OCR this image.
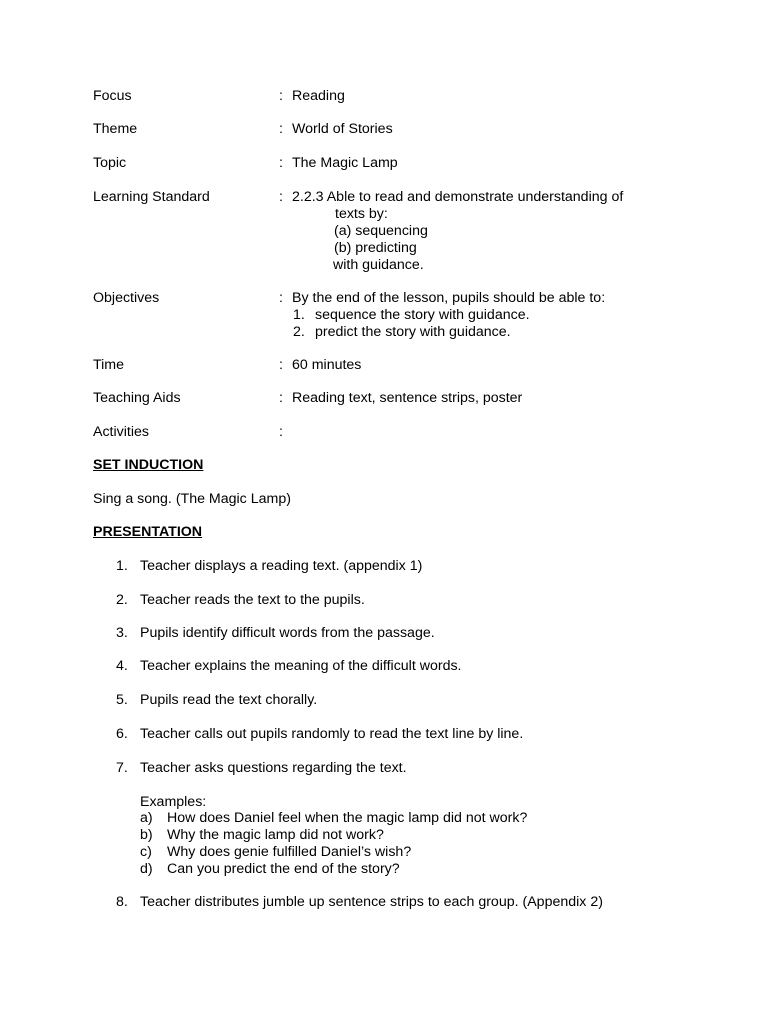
Focus	: Reading
Theme	: World of Stories
Topic	: The Magic Lamp
Learning Standard	: 2.2.3 Able to read and demonstrate understanding of
texts by:
(a) sequencing
(b) predicting
with guidance.
Objectives	: By the end of the lesson, pupils should be able to:
1. sequence the story with guidance.
2. predict the story with guidance.
Time	: 60 minutes
Teaching Aids	: Reading text, sentence strips, poster
Activities	:
SET INDUCTION
Sing a song. (The Magic Lamp)
PRESENTATION
1. Teacher displays a reading text. (appendix 1)
2. Teacher reads the text to the pupils.
3. Pupils identify difficult words from the passage.
4. Teacher explains the meaning of the difficult words.
5. Pupils read the text chorally.
6. Teacher calls out pupils randomly to read the text line by line.
7. Teacher asks questions regarding the text.
Examples:
a) How does Daniel feel when the magic lamp did not work?
b) Why the magic lamp did not work?
c) Why does genie fulfilled Daniel’s wish?
d) Can you predict the end of the story?
8. Teacher distributes jumble up sentence strips to each group. (Appendix 2)
